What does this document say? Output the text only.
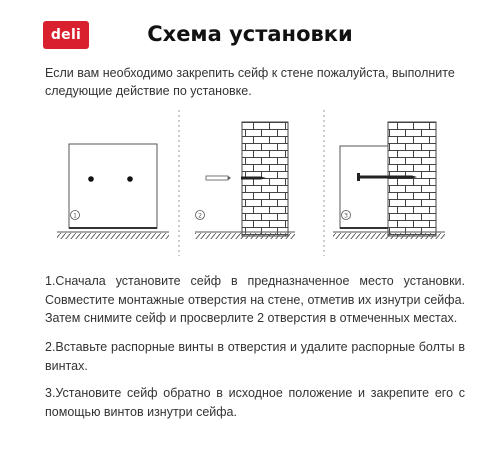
deli	Схема установки
Если вам необходимо закрепить сейф к стене пожалуйста, выполните следующие действие по установке.
1	2	3
1.Сначала установите сейф в предназначенное место установки. Совместите монтажные отверстия на стене, отметив их изнутри сейфа. Затем снимите сейф и просверлите 2 отверстия в отмеченных местах.
2.Вставьте распорные винты в отверстия и удалите распорные болты в винтах.
3.Установите сейф обратно в исходное положение и закрепите его с помощью винтов изнутри сейфа.
